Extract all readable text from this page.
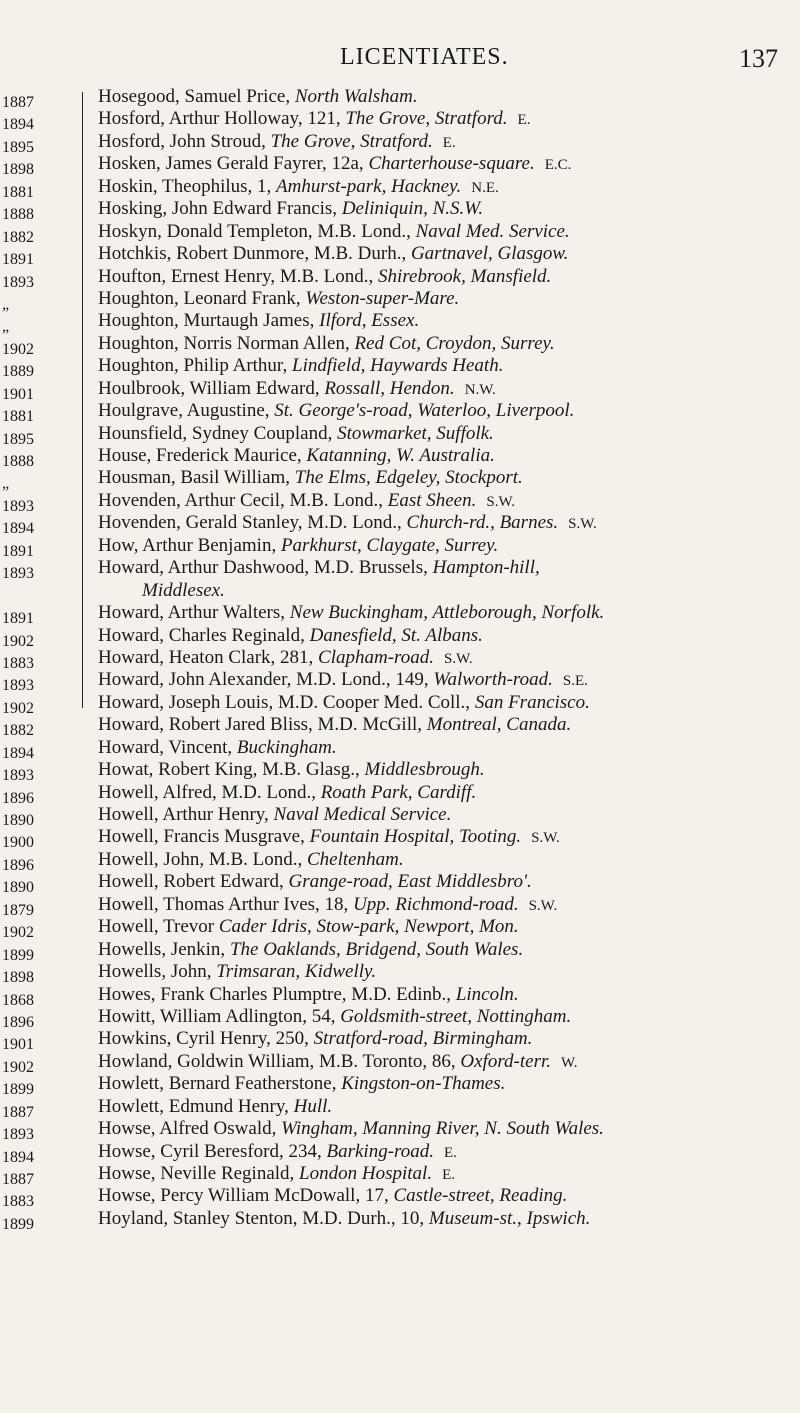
LICENTIATES.	137
1887
1894
1895
1898
1881
1888
1882
1891
1893
„
„
1902
1889
1901
1881
1895
1888
„
1893
1894
1891
1893
1891
1902
1883
1893
1902
1882
1894
1893
1896
1890
1900
1896
1890
1879
1902
1899
1898
1868
1896
1901
1902
1899
1887
1893
1894
1887
1883
1899
Hosegood, Samuel Price, North Walsham.
Hosford, Arthur Holloway, 121, The Grove, Stratford. E.
Hosford, John Stroud, The Grove, Stratford. E.
Hosken, James Gerald Fayrer, 12a, Charterhouse-square. E.C.
Hoskin, Theophilus, 1, Amhurst-park, Hackney. N.E.
Hosking, John Edward Francis, Deliniquin, N.S.W.
Hoskyn, Donald Templeton, M.B. Lond., Naval Med. Service.
Hotchkis, Robert Dunmore, M.B. Durh., Gartnavel, Glasgow.
Houfton, Ernest Henry, M.B. Lond., Shirebrook, Mansfield.
Houghton, Leonard Frank, Weston-super-Mare.
Houghton, Murtaugh James, Ilford, Essex.
Houghton, Norris Norman Allen, Red Cot, Croydon, Surrey.
Houghton, Philip Arthur, Lindfield, Haywards Heath.
Houlbrook, William Edward, Rossall, Hendon. N.W.
Houlgrave, Augustine, St. George's-road, Waterloo, Liverpool.
Hounsfield, Sydney Coupland, Stowmarket, Suffolk.
House, Frederick Maurice, Katanning, W. Australia.
Housman, Basil William, The Elms, Edgeley, Stockport.
Hovenden, Arthur Cecil, M.B. Lond., East Sheen. S.W.
Hovenden, Gerald Stanley, M.D. Lond., Church-rd., Barnes. S.W.
How, Arthur Benjamin, Parkhurst, Claygate, Surrey.
Howard, Arthur Dashwood, M.D. Brussels, Hampton-hill,
Middlesex.
Howard, Arthur Walters, New Buckingham, Attleborough, Norfolk.
Howard, Charles Reginald, Danesfield, St. Albans.
Howard, Heaton Clark, 281, Clapham-road. S.W.
Howard, John Alexander, M.D. Lond., 149, Walworth-road. S.E.
Howard, Joseph Louis, M.D. Cooper Med. Coll., San Francisco.
Howard, Robert Jared Bliss, M.D. McGill, Montreal, Canada.
Howard, Vincent, Buckingham.
Howat, Robert King, M.B. Glasg., Middlesbrough.
Howell, Alfred, M.D. Lond., Roath Park, Cardiff.
Howell, Arthur Henry, Naval Medical Service.
Howell, Francis Musgrave, Fountain Hospital, Tooting. S.W.
Howell, John, M.B. Lond., Cheltenham.
Howell, Robert Edward, Grange-road, East Middlesbro'.
Howell, Thomas Arthur Ives, 18, Upp. Richmond-road. S.W.
Howell, Trevor Cader Idris, Stow-park, Newport, Mon.
Howells, Jenkin, The Oaklands, Bridgend, South Wales.
Howells, John, Trimsaran, Kidwelly.
Howes, Frank Charles Plumptre, M.D. Edinb., Lincoln.
Howitt, William Adlington, 54, Goldsmith-street, Nottingham.
Howkins, Cyril Henry, 250, Stratford-road, Birmingham.
Howland, Goldwin William, M.B. Toronto, 86, Oxford-terr. W.
Howlett, Bernard Featherstone, Kingston-on-Thames.
Howlett, Edmund Henry, Hull.
Howse, Alfred Oswald, Wingham, Manning River, N. South Wales.
Howse, Cyril Beresford, 234, Barking-road. E.
Howse, Neville Reginald, London Hospital. E.
Howse, Percy William McDowall, 17, Castle-street, Reading.
Hoyland, Stanley Stenton, M.D. Durh., 10, Museum-st., Ipswich.
